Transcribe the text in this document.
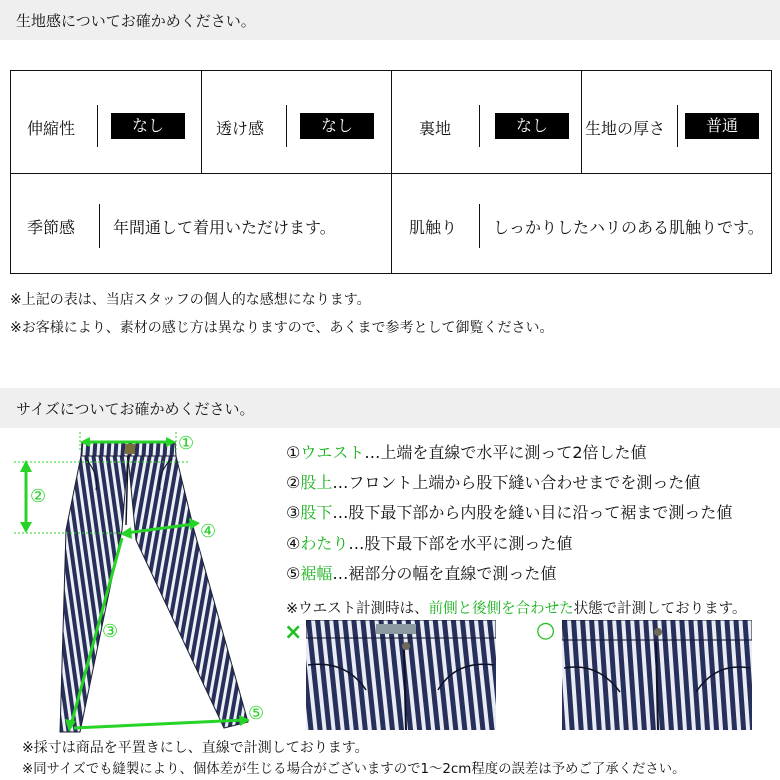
生地感についてお確かめください。
伸縮性	なし	透け感	なし	裏地	なし	生地の厚さ	普通
季節感 年間通して着用いただけます。	肌触り しっかりしたハリのある肌触りです。
※上記の表は、当店スタッフの個人的な感想になります。
※お客様により、素材の感じ方は異なりますので、あくまで参考として御覧ください。
サイズについてお確かめください。
①
②
④
③
⑤
①ウエスト…上端を直線で水平に測って2倍した値
②股上…フロント上端から股下縫い合わせまでを測った値
③股下…股下最下部から内股を縫い目に沿って裾まで測った値
④わたり…股下最下部を水平に測った値
⑤裾幅…裾部分の幅を直線で測った値
※ウエスト計測時は、前側と後側を合わせた状態で計測しております。
×	○
※採寸は商品を平置きにし、直線で計測しております。
※同サイズでも縫製により、個体差が生じる場合がございますので1～2cm程度の誤差は予めご了承ください。
